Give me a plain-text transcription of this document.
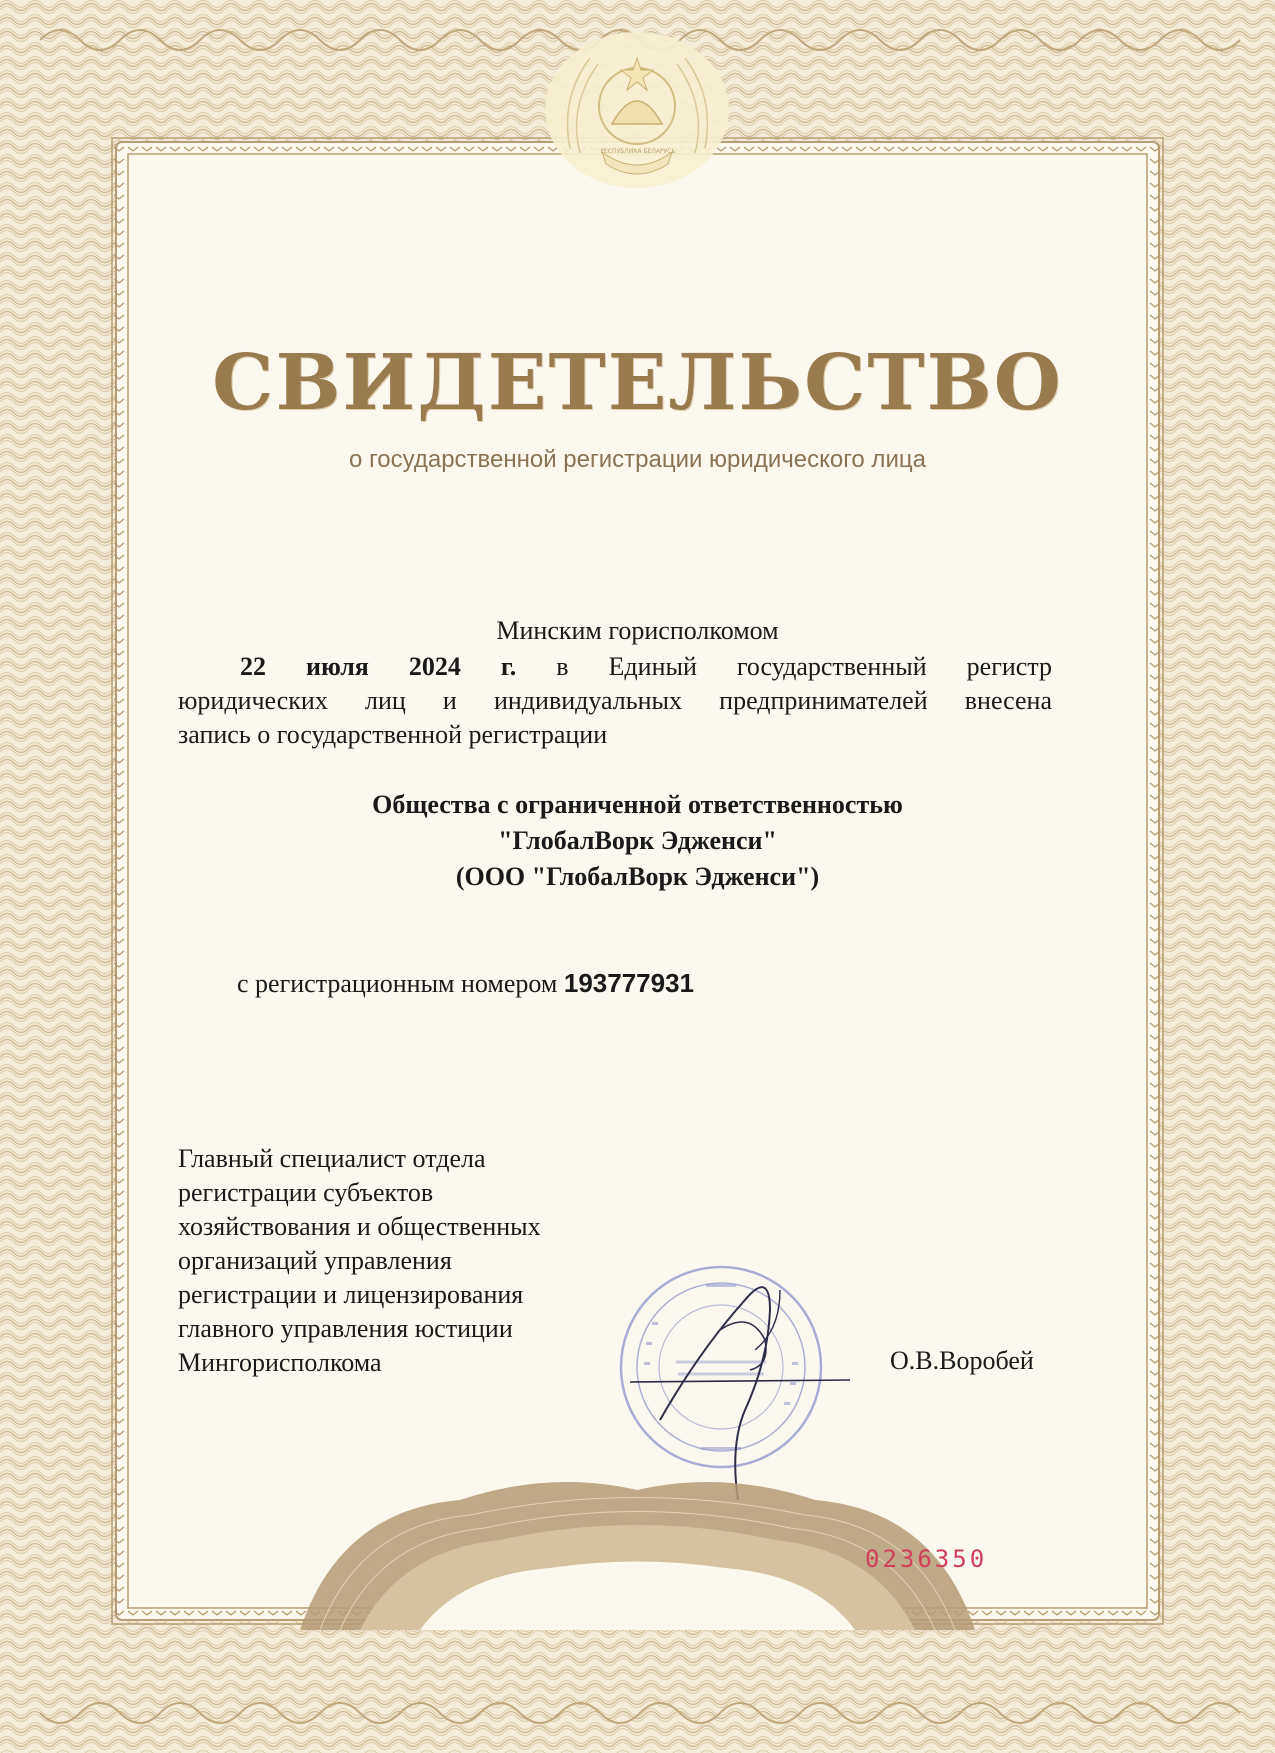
РЕСПУБЛИКА БЕЛАРУСЬ
СВИДЕТЕЛЬСТВО
о государственной регистрации юридического лица
Минским горисполкомом
22 июля 2024 г. в Единый государственный регистр
юридических лиц и индивидуальных предпринимателей внесена
запись о государственной регистрации
Общества с ограниченной ответственностью
"ГлобалВорк Эдженси"
(ООО "ГлобалВорк Эдженси")
с регистрационным номером 193777931
Главный специалист отдела
регистрации субъектов
хозяйствования и общественных
организаций управления
регистрации и лицензирования
главного управления юстиции
Мингорисполкома	О.В.Воробей
0236350
